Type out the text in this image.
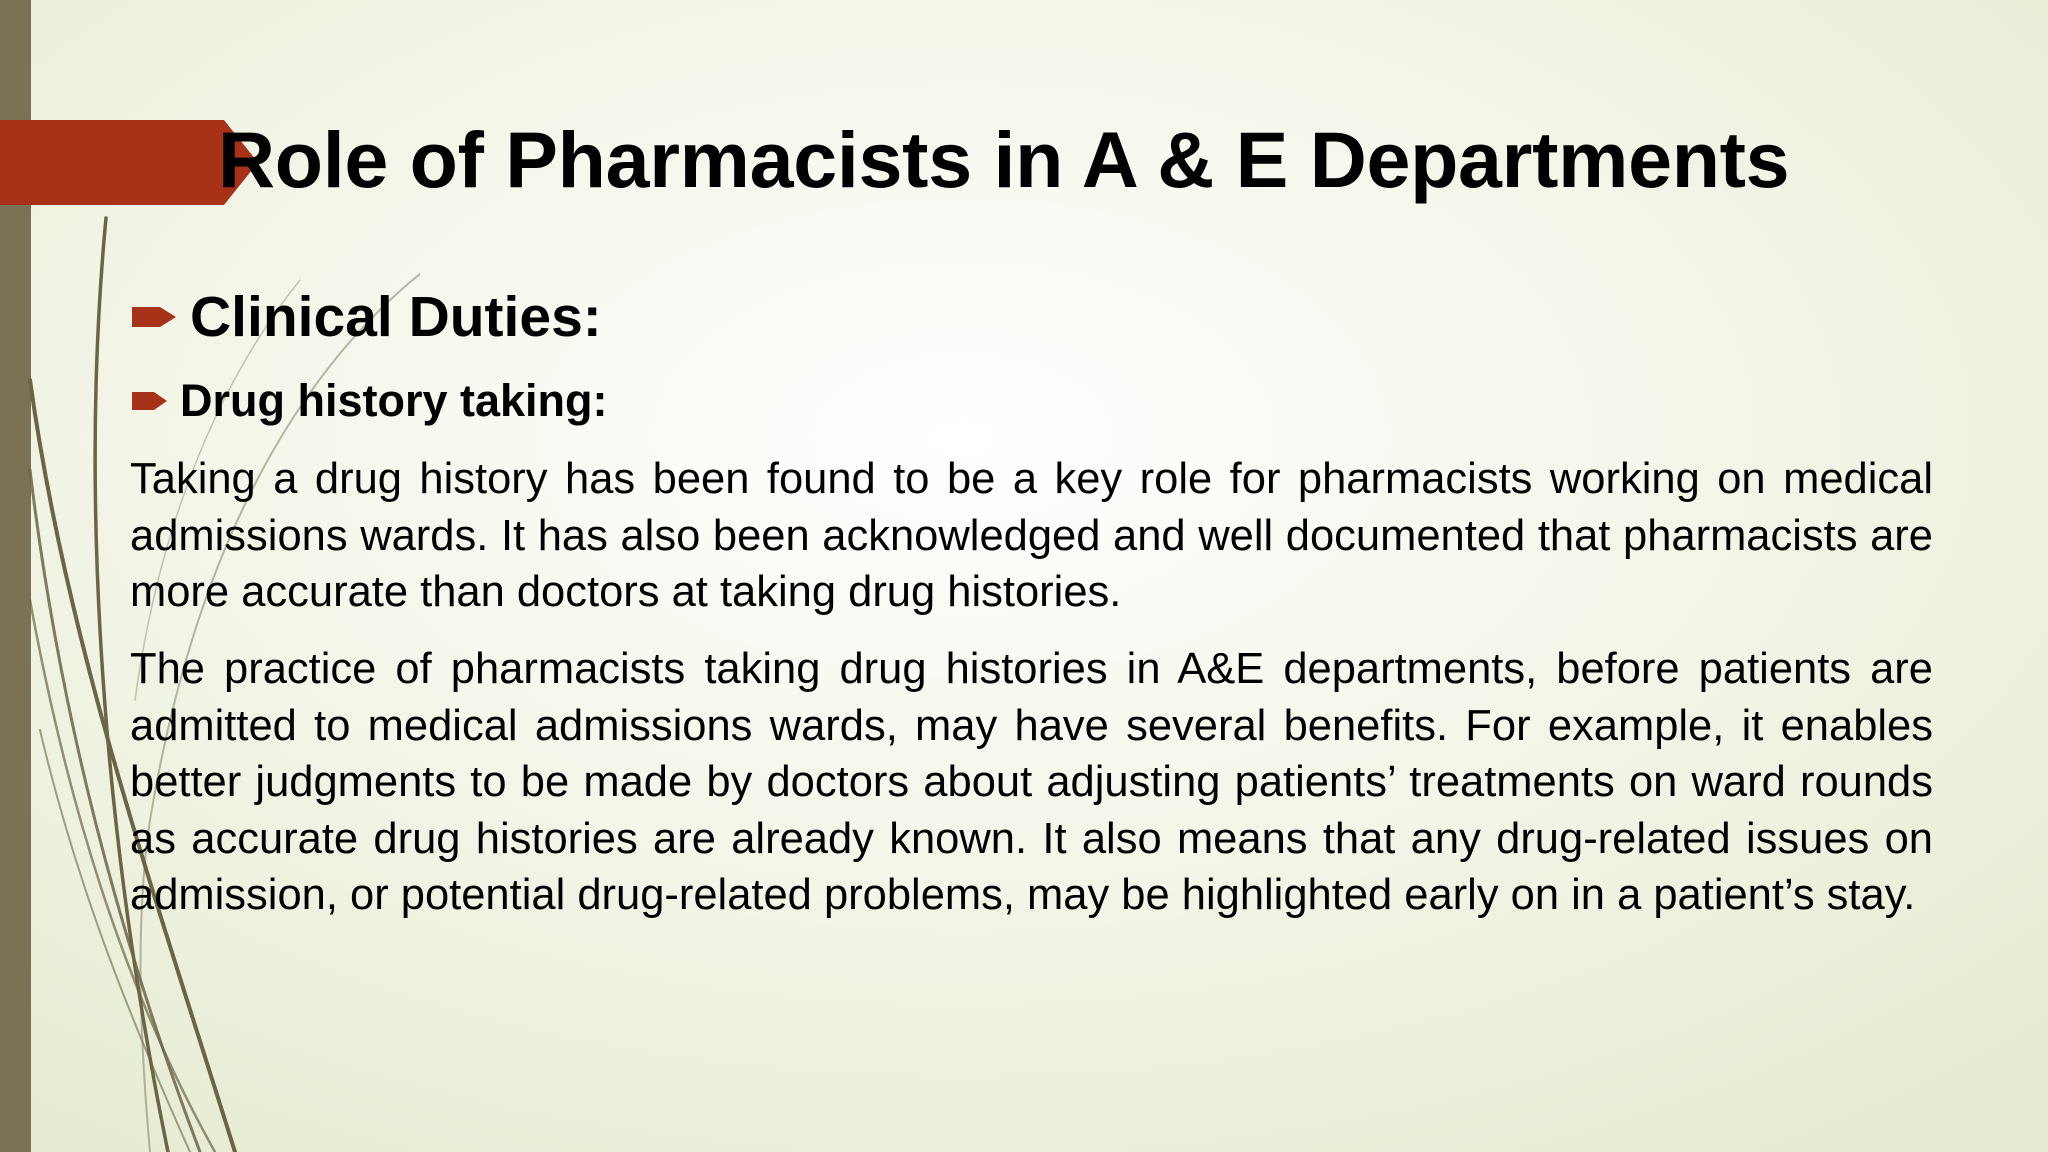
Role of Pharmacists in A & E Departments
Clinical Duties:
Drug history taking:

Taking a drug history has been found to be a key role for pharmacists working on medical admissions wards. It has also been acknowledged and well documented that pharmacists are more accurate than doctors at taking drug histories.

The practice of pharmacists taking drug histories in A&E departments, before patients are admitted to medical admissions wards, may have several benefits. For example, it enables better judgments to be made by doctors about adjusting patients’ treatments on ward rounds as accurate drug histories are already known. It also means that any drug-related issues on admission, or potential drug-related problems, may be highlighted early on in a patient’s stay.
